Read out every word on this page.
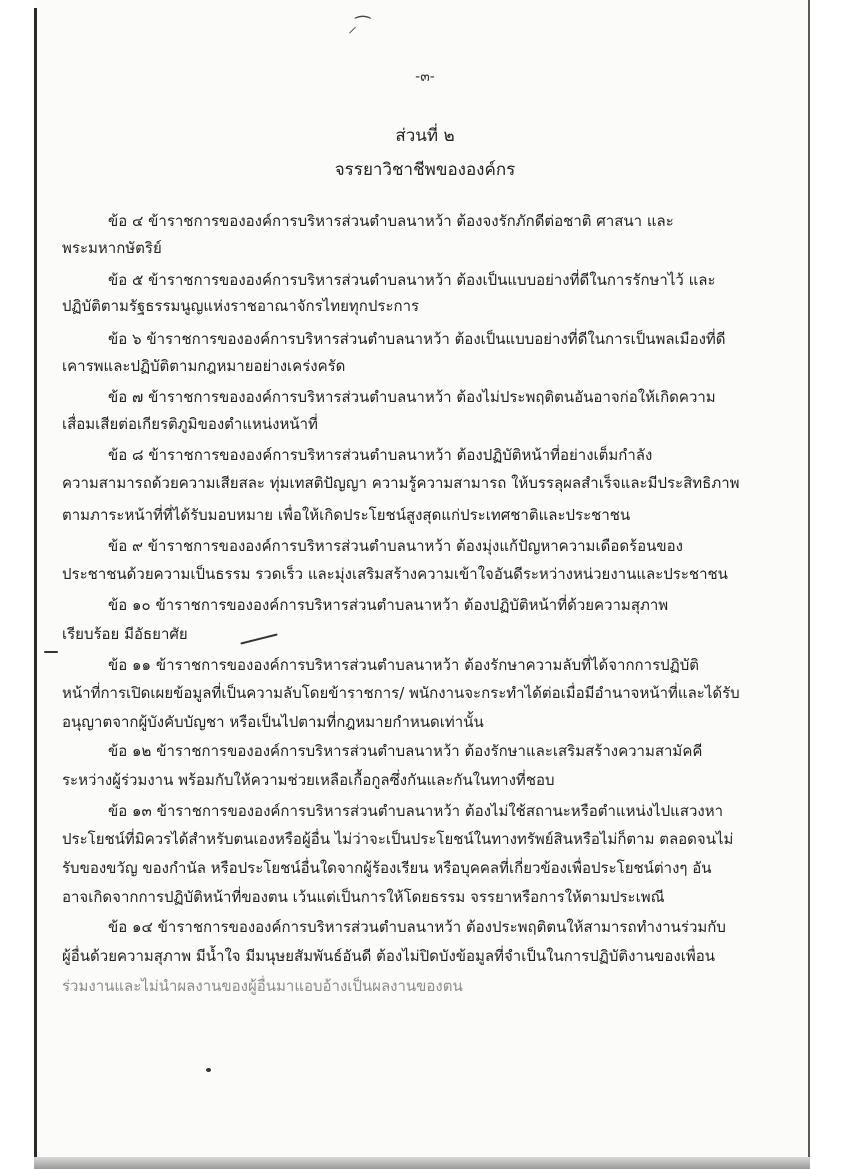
⸝ ͡
-๓-
ส่วนที่ ๒
จรรยาวิชาชีพขององค์กร
ข้อ ๔ ข้าราชการขององค์การบริหารส่วนตำบลนาหว้า ต้องจงรักภักดีต่อชาติ ศาสนา และ
พระมหากษัตริย์
ข้อ ๕ ข้าราชการขององค์การบริหารส่วนตำบลนาหว้า ต้องเป็นแบบอย่างที่ดีในการรักษาไว้ และ
ปฏิบัติตามรัฐธรรมนูญแห่งราชอาณาจักรไทยทุกประการ
ข้อ ๖ ข้าราชการขององค์การบริหารส่วนตำบลนาหว้า ต้องเป็นแบบอย่างที่ดีในการเป็นพลเมืองที่ดี
เคารพและปฏิบัติตามกฎหมายอย่างเคร่งครัด
ข้อ ๗ ข้าราชการขององค์การบริหารส่วนตำบลนาหว้า ต้องไม่ประพฤติตนอันอาจก่อให้เกิดความ
เสื่อมเสียต่อเกียรติภูมิของตำแหน่งหน้าที่
ข้อ ๘ ข้าราชการขององค์การบริหารส่วนตำบลนาหว้า ต้องปฏิบัติหน้าที่อย่างเต็มกำลัง
ความสามารถด้วยความเสียสละ ทุ่มเทสติปัญญา ความรู้ความสามารถ ให้บรรลุผลสำเร็จและมีประสิทธิภาพ
ตามภาระหน้าที่ที่ได้รับมอบหมาย เพื่อให้เกิดประโยชน์สูงสุดแก่ประเทศชาติและประชาชน
ข้อ ๙ ข้าราชการขององค์การบริหารส่วนตำบลนาหว้า ต้องมุ่งแก้ปัญหาความเดือดร้อนของ
ประชาชนด้วยความเป็นธรรม รวดเร็ว และมุ่งเสริมสร้างความเข้าใจอันดีระหว่างหน่วยงานและประชาชน
ข้อ ๑๐ ข้าราชการขององค์การบริหารส่วนตำบลนาหว้า ต้องปฏิบัติหน้าที่ด้วยความสุภาพ
เรียบร้อย มีอัธยาศัย
ข้อ ๑๑ ข้าราชการขององค์การบริหารส่วนตำบลนาหว้า ต้องรักษาความลับที่ได้จากการปฏิบัติ
หน้าที่การเปิดเผยข้อมูลที่เป็นความลับโดยข้าราชการ/ พนักงานจะกระทำได้ต่อเมื่อมีอำนาจหน้าที่และได้รับ
อนุญาตจากผู้บังคับบัญชา หรือเป็นไปตามที่กฎหมายกำหนดเท่านั้น
ข้อ ๑๒ ข้าราชการขององค์การบริหารส่วนตำบลนาหว้า ต้องรักษาและเสริมสร้างความสามัคคี
ระหว่างผู้ร่วมงาน พร้อมกับให้ความช่วยเหลือเกื้อกูลซึ่งกันและกันในทางที่ชอบ
ข้อ ๑๓ ข้าราชการขององค์การบริหารส่วนตำบลนาหว้า ต้องไม่ใช้สถานะหรือตำแหน่งไปแสวงหา
ประโยชน์ที่มิควรได้สำหรับตนเองหรือผู้อื่น ไม่ว่าจะเป็นประโยชน์ในทางทรัพย์สินหรือไม่ก็ตาม ตลอดจนไม่
รับของขวัญ ของกำนัล หรือประโยชน์อื่นใดจากผู้ร้องเรียน หรือบุคคลที่เกี่ยวข้องเพื่อประโยชน์ต่างๆ อัน
อาจเกิดจากการปฏิบัติหน้าที่ของตน เว้นแต่เป็นการให้โดยธรรม จรรยาหรือการให้ตามประเพณี
ข้อ ๑๔ ข้าราชการขององค์การบริหารส่วนตำบลนาหว้า ต้องประพฤติตนให้สามารถทำงานร่วมกับ
ผู้อื่นด้วยความสุภาพ มีน้ำใจ มีมนุษยสัมพันธ์อันดี ต้องไม่ปิดบังข้อมูลที่จำเป็นในการปฏิบัติงานของเพื่อน
ร่วมงานและไม่นำผลงานของผู้อื่นมาแอบอ้างเป็นผลงานของตน
